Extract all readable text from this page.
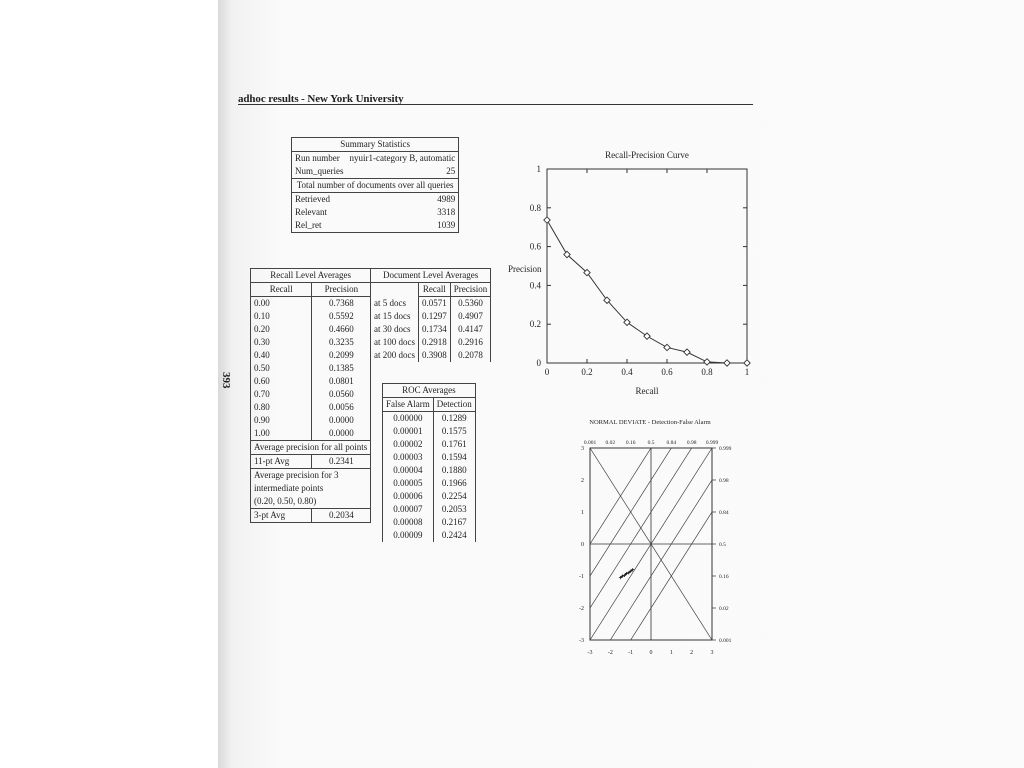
adhoc results - New York University
393
Summary Statistics	
Run number	nyuir1-category B, automatic
Num_queries	25
Total number of documents over all queries	
Retrieved	4989
Relevant	3318
Rel_ret	1039
Recall Level Averages	
Recall	Precision
0.00	0.7368
0.10	0.5592
0.20	0.4660
0.30	0.3235
0.40	0.2099
0.50	0.1385
0.60	0.0801
0.70	0.0560
0.80	0.0056
0.90	0.0000
1.00	0.0000
Average precision for all points	
11-pt Avg	0.2341
Average precision for 3	
intermediate points	
(0.20, 0.50, 0.80)	
3-pt Avg	0.2034
Document Level Averages		
	Recall	Precision
at 5 docs	0.0571	0.5360
at 15 docs	0.1297	0.4907
at 30 docs	0.1734	0.4147
at 100 docs	0.2918	0.2916
at 200 docs	0.3908	0.2078
ROC Averages	
False Alarm	Detection
0.00000	0.1289
0.00001	0.1575
0.00002	0.1761
0.00003	0.1594
0.00004	0.1880
0.00005	0.1966
0.00006	0.2254
0.00007	0.2053
0.00008	0.2167
0.00009	0.2424
Recall-Precision Curve
Precision
Recall
0	0.2	0.4	0.6	0.8	1
0
0.2
0.4
0.6
0.8
1
NORMAL DEVIATE - Detection-False Alarm
-3	-2	-1	0	1	2	3
-3
-2
-1
0
1
2
3
0.001 0.02 0.16 0.5 0.84 0.98 0.999
0.001
0.02
0.16
0.5
0.84
0.98
0.999
